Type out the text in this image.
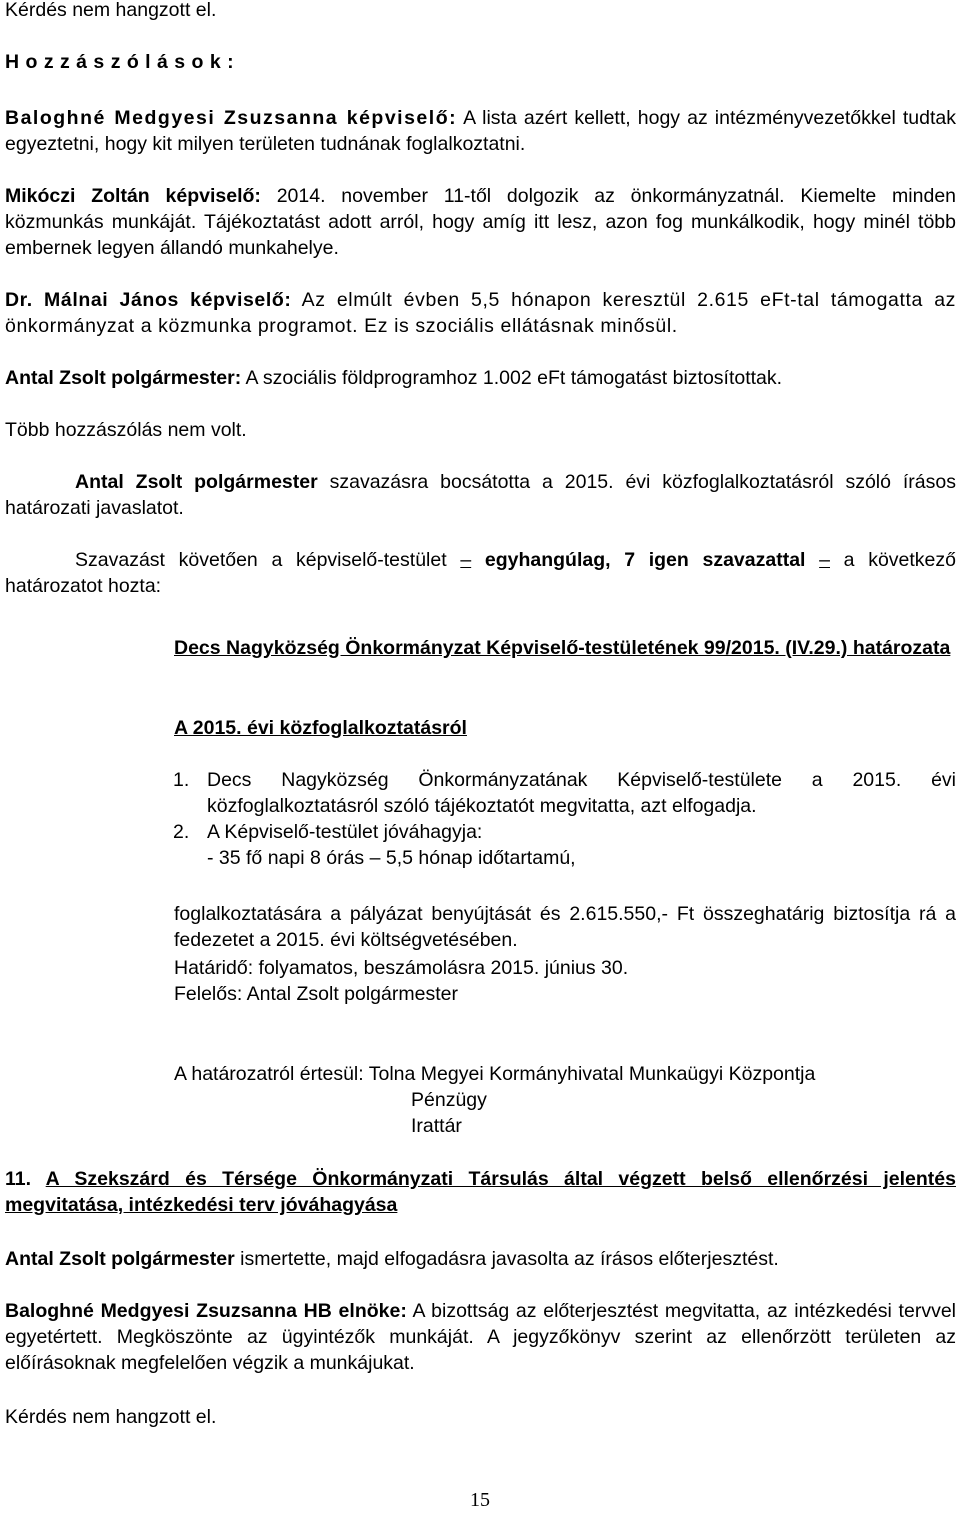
Kérdés nem hangzott el.

H o z z á s z ó l á s o k :

Baloghné Medgyesi Zsuzsanna képviselő: A lista azért kellett, hogy az intézményvezetőkkel tudtak egyeztetni, hogy kit milyen területen tudnának foglalkoztatni.

Mikóczi Zoltán képviselő: 2014. november 11-től dolgozik az önkormányzatnál. Kiemelte minden közmunkás munkáját. Tájékoztatást adott arról, hogy amíg itt lesz, azon fog munkálkodik, hogy minél több embernek legyen állandó munkahelye.

Dr. Málnai János képviselő: Az elmúlt évben 5,5 hónapon keresztül 2.615 eFt-tal támogatta az önkormányzat a közmunka programot. Ez is szociális ellátásnak minősül.

Antal Zsolt polgármester: A szociális földprogramhoz 1.002 eFt támogatást biztosítottak.

Több hozzászólás nem volt.

Antal Zsolt polgármester szavazásra bocsátotta a 2015. évi közfoglalkoztatásról szóló írásos határozati javaslatot.

Szavazást követően a képviselő-testület – egyhangúlag, 7 igen szavazattal – a következő határozatot hozta:

Decs Nagyközség Önkormányzat Képviselő-testületének 99/2015. (IV.29.) határozata

A 2015. évi közfoglalkoztatásról

1. Decs Nagyközség Önkormányzatának Képviselő-testülete a 2015. évi közfoglalkoztatásról szóló tájékoztatót megvitatta, azt elfogadja.
2. A Képviselő-testület jóváhagyja:

- 35 fő napi 8 órás – 5,5 hónap időtartamú,

foglalkoztatására a pályázat benyújtását és 2.615.550,- Ft összeghatárig biztosítja rá a fedezetet a 2015. évi költségvetésében.

Határidő: folyamatos, beszámolásra 2015. június 30.

Felelős: Antal Zsolt polgármester

A határozatról értesül: Tolna Megyei Kormányhivatal Munkaügyi Központja

Pénzügy
Irattár

11. A Szekszárd és Térsége Önkormányzati Társulás által végzett belső ellenőrzési jelentés megvitatása, intézkedési terv jóváhagyása

Antal Zsolt polgármester ismertette, majd elfogadásra javasolta az írásos előterjesztést.

Baloghné Medgyesi Zsuzsanna HB elnöke: A bizottság az előterjesztést megvitatta, az intézkedési tervvel egyetértett. Megköszönte az ügyintézők munkáját. A jegyzőkönyv szerint az ellenőrzött területen az előírásoknak megfelelően végzik a munkájukat.

Kérdés nem hangzott el.

15
